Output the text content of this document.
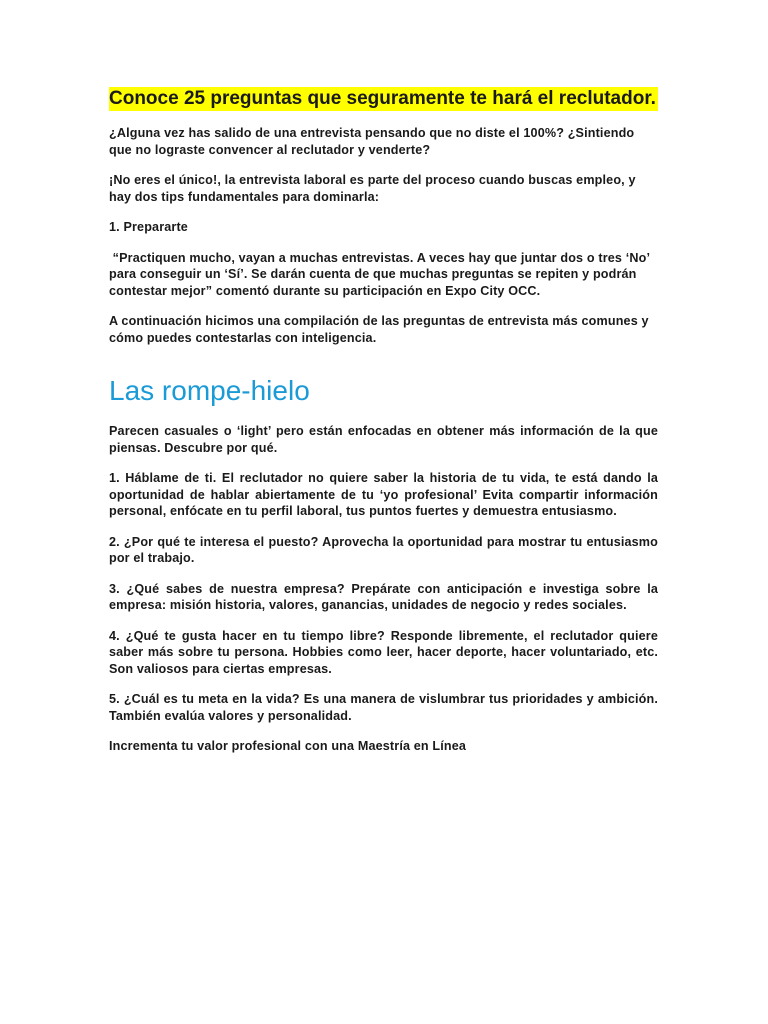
Conoce 25 preguntas que seguramente te hará el reclutador.

¿Alguna vez has salido de una entrevista pensando que no diste el 100%? ¿Sintiendo que no lograste convencer al reclutador y venderte?

¡No eres el único!, la entrevista laboral es parte del proceso cuando buscas empleo, y hay dos tips fundamentales para dominarla:

1. Prepararte

“Practiquen mucho, vayan a muchas entrevistas. A veces hay que juntar dos o tres ‘No’ para conseguir un ‘Sí’. Se darán cuenta de que muchas preguntas se repiten y podrán contestar mejor” comentó durante su participación en Expo City OCC.

A continuación hicimos una compilación de las preguntas de entrevista más comunes y cómo puedes contestarlas con inteligencia.

Las rompe-hielo

Parecen casuales o ‘light’ pero están enfocadas en obtener más información de la que piensas. Descubre por qué.

1. Háblame de ti. El reclutador no quiere saber la historia de tu vida, te está dando la oportunidad de hablar abiertamente de tu ‘yo profesional’ Evita compartir información personal, enfócate en tu perfil laboral, tus puntos fuertes y demuestra entusiasmo.

2. ¿Por qué te interesa el puesto? Aprovecha la oportunidad para mostrar tu entusiasmo por el trabajo.

3. ¿Qué sabes de nuestra empresa? Prepárate con anticipación e investiga sobre la empresa: misión historia, valores, ganancias, unidades de negocio y redes sociales.

4. ¿Qué te gusta hacer en tu tiempo libre? Responde libremente, el reclutador quiere saber más sobre tu persona. Hobbies como leer, hacer deporte, hacer voluntariado, etc. Son valiosos para ciertas empresas.

5. ¿Cuál es tu meta en la vida? Es una manera de vislumbrar tus prioridades y ambición. También evalúa valores y personalidad.

Incrementa tu valor profesional con una Maestría en Línea
